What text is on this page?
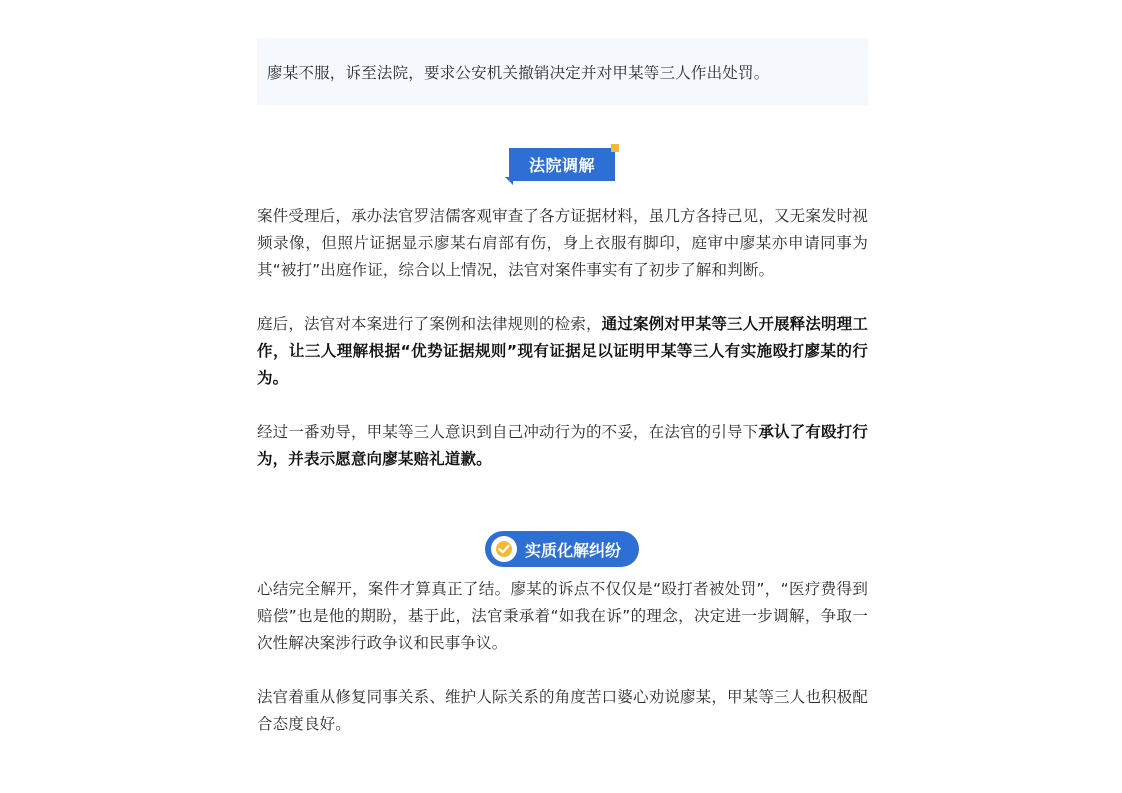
廖某不服，诉至法院，要求公安机关撤销决定并对甲某等三人作出处罚。
法院调解

案件受理后，承办法官罗洁儒客观审查了各方证据材料，虽几方各持己见，又无案发时视频录像，但照片证据显示廖某右肩部有伤，身上衣服有脚印，庭审中廖某亦申请同事为其“被打”出庭作证，综合以上情况，法官对案件事实有了初步了解和判断。

庭后，法官对本案进行了案例和法律规则的检索，通过案例对甲某等三人开展释法明理工作，让三人理解根据“优势证据规则”现有证据足以证明甲某等三人有实施殴打廖某的行为。

经过一番劝导，甲某等三人意识到自己冲动行为的不妥，在法官的引导下承认了有殴打行为，并表示愿意向廖某赔礼道歉。

实质化解纠纷

心结完全解开，案件才算真正了结。廖某的诉点不仅仅是“殴打者被处罚”，“医疗费得到赔偿”也是他的期盼，基于此，法官秉承着“如我在诉”的理念，决定进一步调解，争取一次性解决案涉行政争议和民事争议。

法官着重从修复同事关系、维护人际关系的角度苦口婆心劝说廖某，甲某等三人也积极配合态度良好。
